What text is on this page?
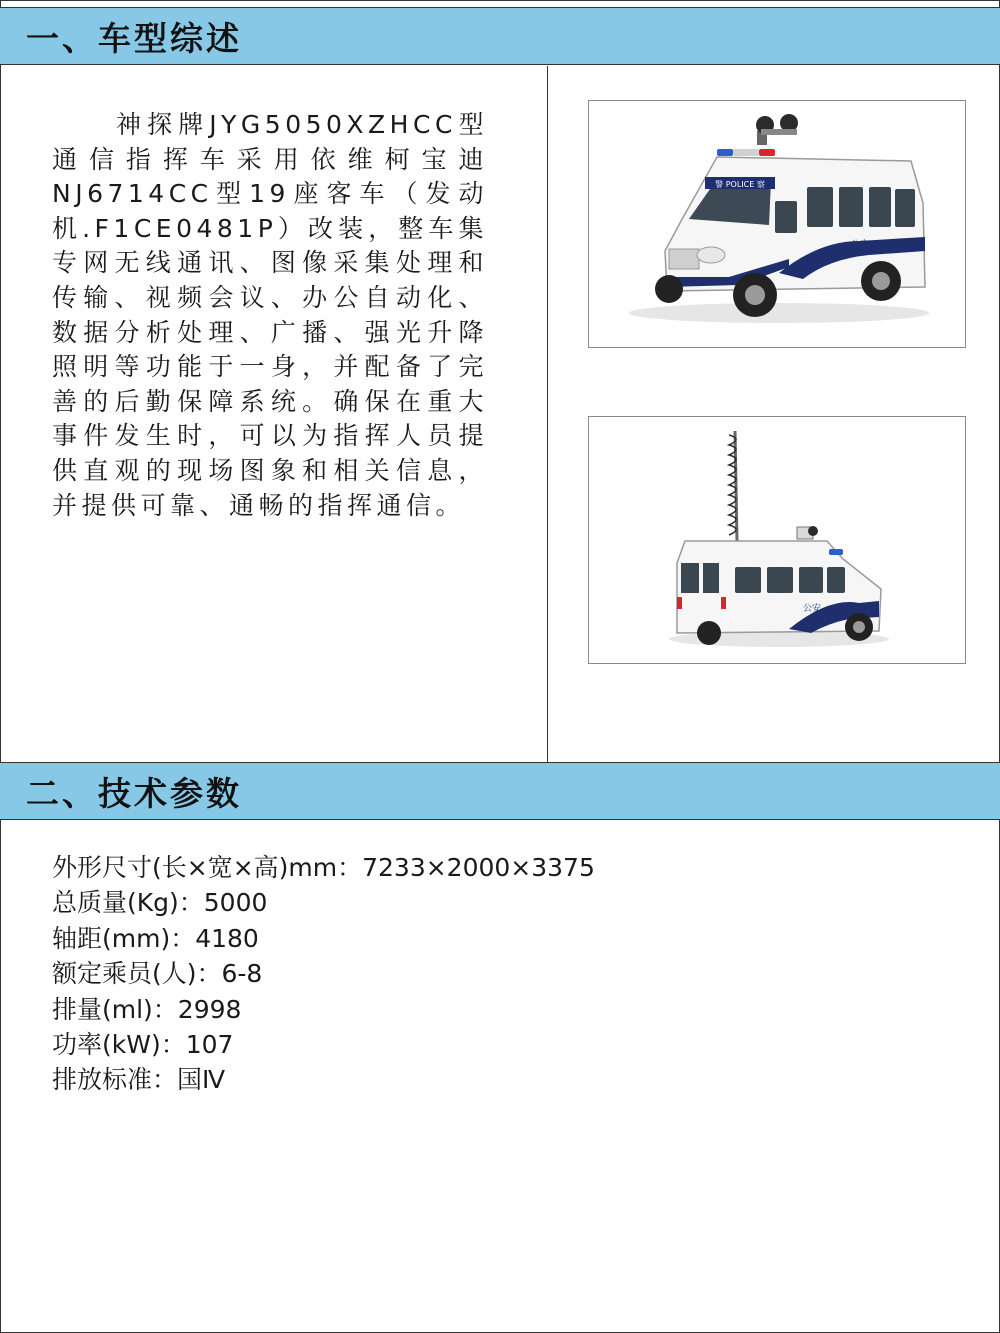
一、车型综述

神探牌JYG5050XZHCC型通信指挥车采用依维柯宝迪NJ6714CC型19座客车（发动机.F1CE0481P）改装，整车集专网无线通讯、图像采集处理和传输、视频会议、办公自动化、数据分析处理、广播、强光升降照明等功能于一身，并配备了完善的后勤保障系统。确保在重大事件发生时，可以为指挥人员提供直观的现场图象和相关信息，并提供可靠、通畅的指挥通信。

警 POLICE 察
公安
公安
二、技术参数
外形尺寸(长×宽×高)mm：7233×2000×3375
总质量(Kg)：5000
轴距(mm)：4180
额定乘员(人)：6-8
排量(ml)：2998
功率(kW)：107
排放标准：国Ⅳ
